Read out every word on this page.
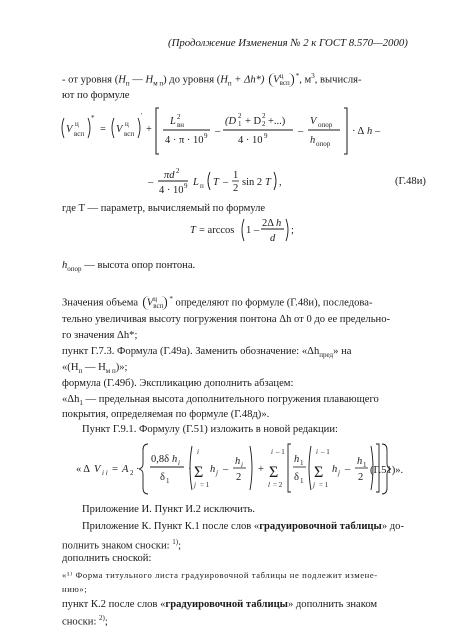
(Продолжение Изменения № 2 к ГОСТ 8.570—2000)
- от уровня ($H_п$ — $H_{м п}$) до уровня $(H_п + \Delta h*)$ V ц
всп
*, $м^3$, вычисля-
ют по формуле
V ц
всп
*
= V ц
всп
'
+
L 2
вн
4 · π · 10 9 –
(D 1
2 + D 2
2 +...)
4 · 10 9	–
V опор
h опор
· Δ h –
–
πd 2
4 · 10 9 L п T –
1
2
sin 2 T ,	(Г.48и)
где T — параметр, вычисляемый по формуле
T = arccos 1 –
2Δ h
d
;
$h_{опор}$ — высота опор понтона.
Значения объема V ц
всп
* определяют по формуле (Г.48и), последова-
тельно увеличивая высоту погружения понтона Δh от 0 до ее предельно-
го значения Δh*;
пункт Г.7.3. Формула (Г.49а). Заменить обозначение: «$\Delta h_{пред}$» на
«($H_п$ — $H_{м п}$)»;
формула (Г.49б). Экспликацию дополнить абзацем:
«$\Delta h_1$ — предельная высота дополнительного погружения плавающего
покрытия, определяемая по формуле (Г.48д)».
Пункт Г.9.1. Формулу (Г.51) изложить в новой редакции:
« Δ V i i = A 2 ·
0,8δ h i
δ 1
·
i
Σ
j = 1
h j –
h i
2
+
i – 1
Σ
l = 2
h 1
δ 1
i – 1
Σ
j = 1
h j –
h 1
2
(Г.51)».
Приложение И. Пункт И.2 исключить.
Приложение К. Пункт К.1 после слов «градуировочной таблицы» до-
полнить знаком сноски: $^{1)}$;
дополнить сноской:
«¹⁾ Форма титульного листа градуировочной таблицы не подлежит измене-
нию»;
пункт К.2 после слов «градуировочной таблицы» дополнить знаком
сноски: $^{2)}$;
